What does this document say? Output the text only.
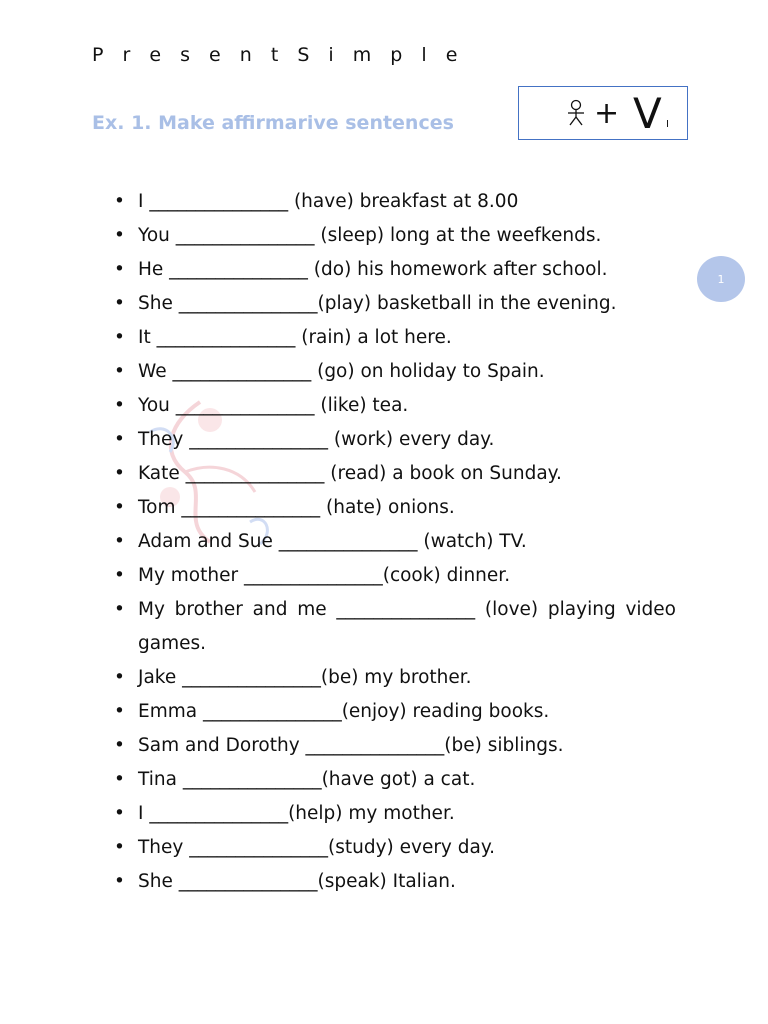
P r e s e n t S i m p l e
Ex. 1. Make affirmarive sentences	+ V I
1
• I _______________ (have) breakfast at 8.00
• You _______________ (sleep) long at the weefkends.
• He _______________ (do) his homework after school.
• She _______________(play) basketball in the evening.
• It _______________ (rain) a lot here.
• We _______________ (go) on holiday to Spain.
• You _______________ (like) tea.
• They _______________ (work) every day.
• Kate _______________ (read) a book on Sunday.
• Tom _______________ (hate) onions.
• Adam and Sue _______________ (watch) TV.
• My mother _______________(cook) dinner.
• My brother and me _______________ (love) playing video games.
• Jake _______________(be) my brother.
• Emma _______________(enjoy) reading books.
• Sam and Dorothy _______________(be) siblings.
• Tina _______________(have got) a cat.
• I _______________(help) my mother.
• They _______________(study) every day.
• She _______________(speak) Italian.
